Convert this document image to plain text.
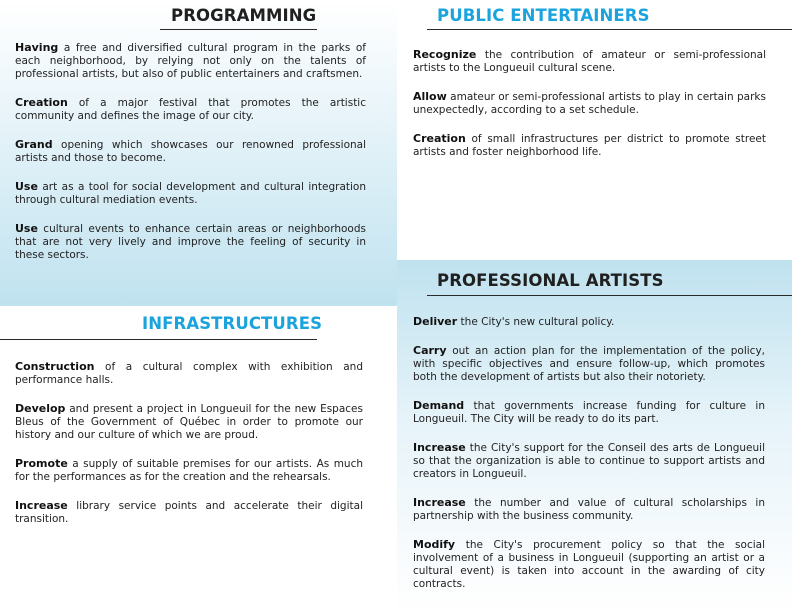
PROGRAMMING

Having a free and diversified cultural program in the parks of each neighborhood, by relying not only on the talents of professional artists, but also of public entertainers and craftsmen.

Creation of a major festival that promotes the artistic community and defines the image of our city.

Grand opening which showcases our renowned professional artists and those to become.

Use art as a tool for social development and cultural integration through cultural mediation events.

Use cultural events to enhance certain areas or neighborhoods that are not very lively and improve the feeling of security in these sectors.

PUBLIC ENTERTAINERS

Recognize the contribution of amateur or semi-professional artists to the Longueuil cultural scene.

Allow amateur or semi-professional artists to play in certain parks unexpectedly, according to a set schedule.

Creation of small infrastructures per district to promote street artists and foster neighborhood life.

INFRASTRUCTURES

Construction of a cultural complex with exhibition and performance halls.

Develop and present a project in Longueuil for the new Espaces Bleus of the Government of Québec in order to promote our history and our culture of which we are proud.

Promote a supply of suitable premises for our artists. As much for the performances as for the creation and the rehearsals.

Increase library service points and accelerate their digital transition.

PROFESSIONAL ARTISTS

Deliver the City's new cultural policy.

Carry out an action plan for the implementation of the policy, with specific objectives and ensure follow-up, which promotes both the development of artists but also their notoriety.

Demand that governments increase funding for culture in Longueuil. The City will be ready to do its part.

Increase the City's support for the Conseil des arts de Longueuil so that the organization is able to continue to support artists and creators in Longueuil.

Increase the number and value of cultural scholarships in partnership with the business community.

Modify the City's procurement policy so that the social involvement of a business in Longueuil (supporting an artist or a cultural event) is taken into account in the awarding of city contracts.
